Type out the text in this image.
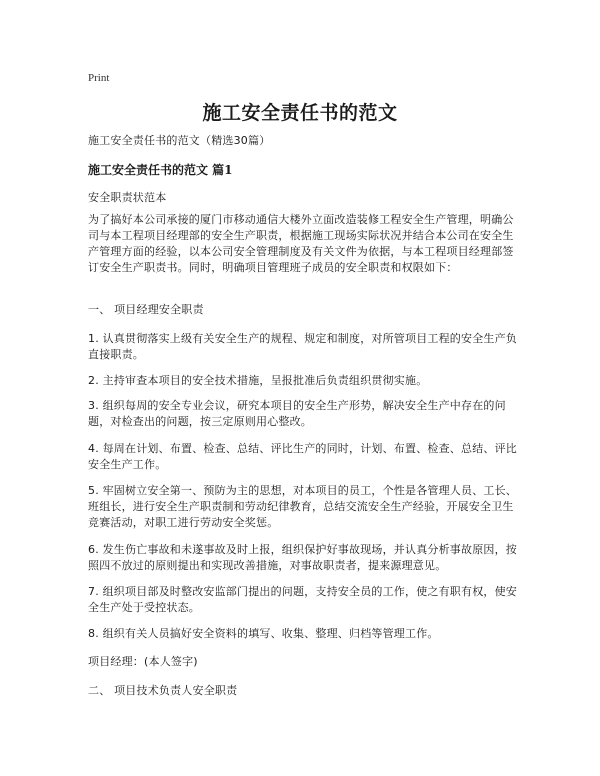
Print
施工安全责任书的范文

施工安全责任书的范文（精选30篇）

施工安全责任书的范文 篇1

安全职责状范本

为了搞好本公司承接的厦门市移动通信大楼外立面改造装修工程安全生产管理，明确公司与本工程项目经理部的安全生产职责，根据施工现场实际状况并结合本公司在安全生产管理方面的经验，以本公司安全管理制度及有关文件为依据，与本工程项目经理部签订安全生产职责书。同时，明确项目管理班子成员的安全职责和权限如下：

一、 项目经理安全职责

1. 认真贯彻落实上级有关安全生产的规程、规定和制度，对所管项目工程的安全生产负直接职责。

2. 主持审查本项目的安全技术措施，呈报批准后负责组织贯彻实施。

3. 组织每周的安全专业会议，研究本项目的安全生产形势，解决安全生产中存在的问题，对检查出的问题，按三定原则用心整改。

4. 每周在计划、布置、检查、总结、评比生产的同时，计划、布置、检查、总结、评比安全生产工作。

5. 牢固树立安全第一、预防为主的思想，对本项目的员工，个性是各管理人员、工长、班组长，进行安全生产职责制和劳动纪律教育，总结交流安全生产经验，开展安全卫生竞赛活动，对职工进行劳动安全奖惩。

6. 发生伤亡事故和未遂事故及时上报，组织保护好事故现场，并认真分析事故原因，按照四不放过的原则提出和实现改善措施，对事故职责者，提来源理意见。

7. 组织项目部及时整改安监部门提出的问题，支持安全员的工作，使之有职有权，使安全生产处于受控状态。

8. 组织有关人员搞好安全资料的填写、收集、整理、归档等管理工作。

项目经理：(本人签字)

二、 项目技术负责人安全职责
